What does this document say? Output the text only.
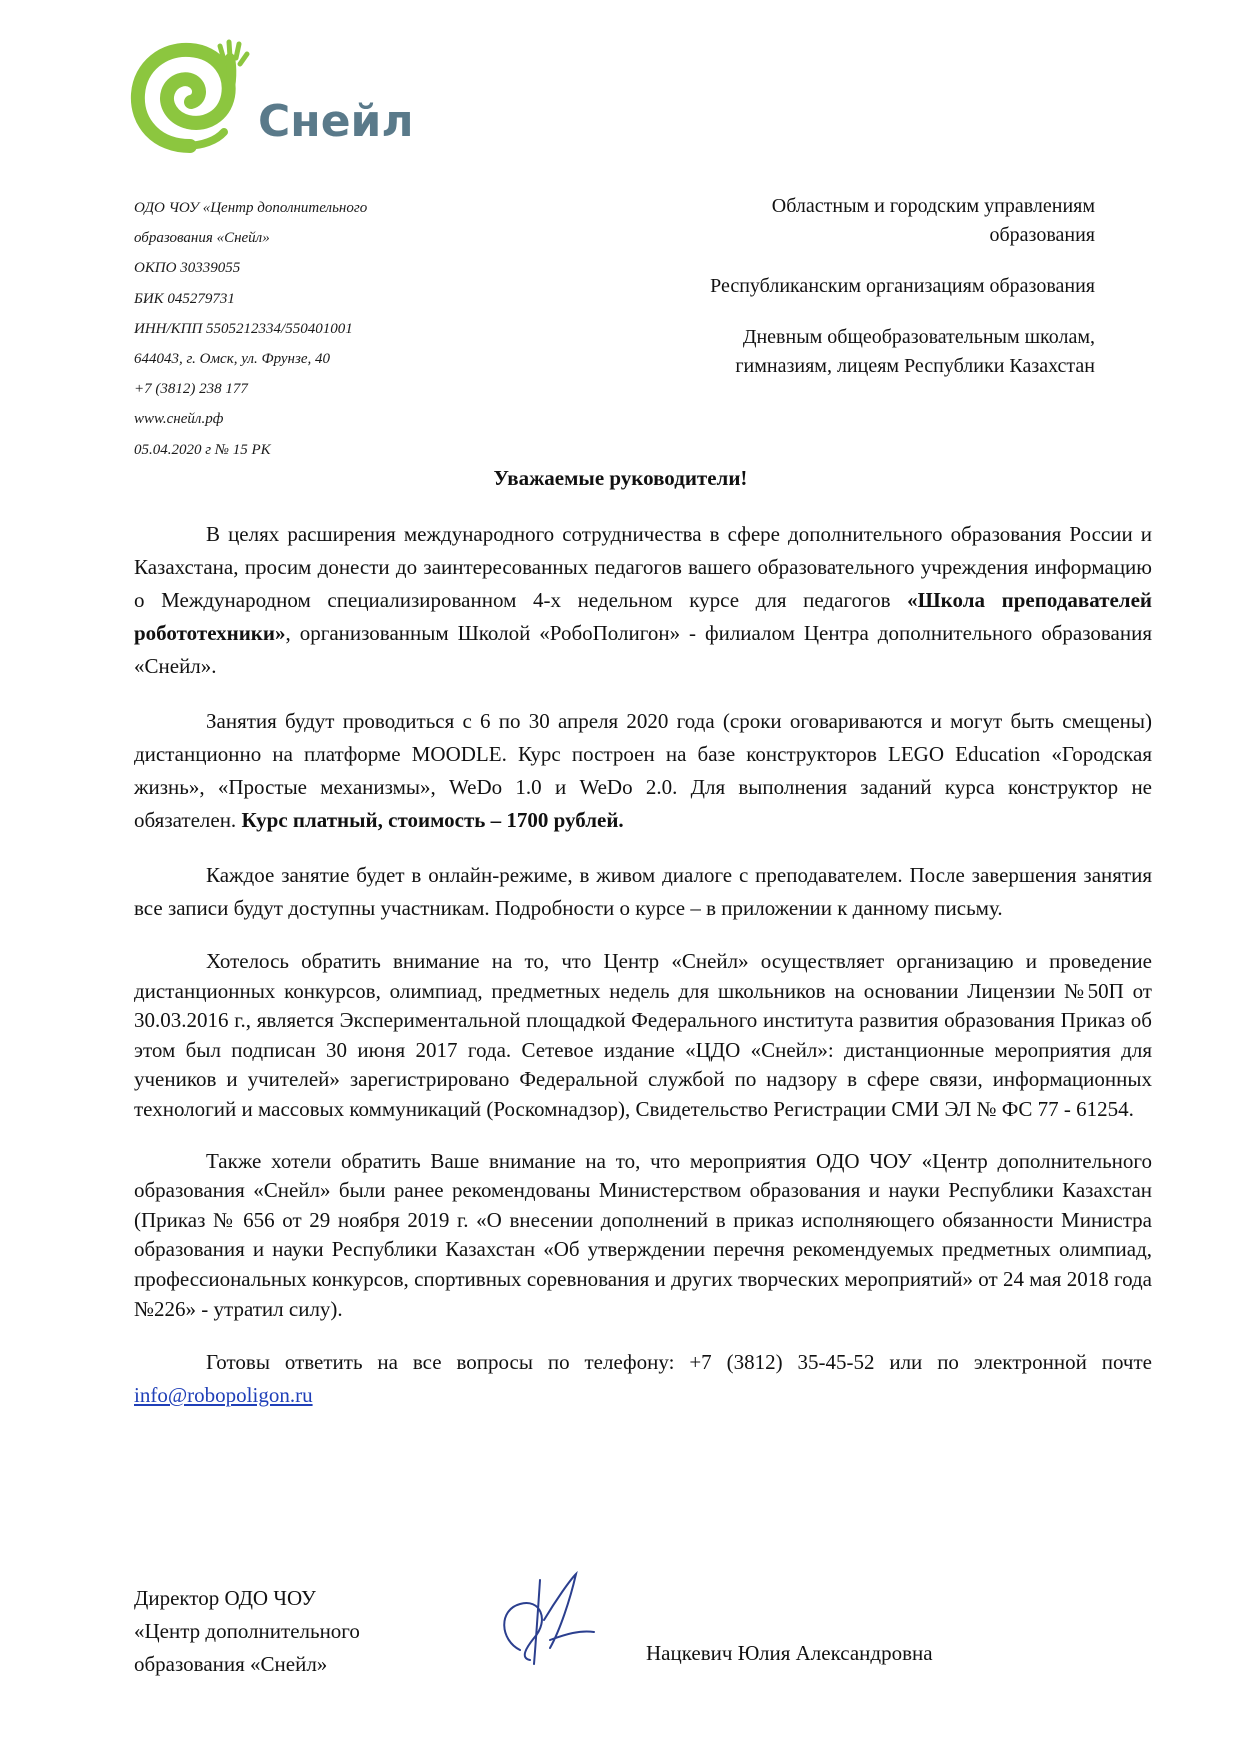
Снейл
ОДО ЧОУ «Центр дополнительного
образования «Снейл»
ОКПО 30339055
БИК 045279731
ИНН/КПП 5505212334/550401001
644043, г. Омск, ул. Фрунзе, 40
+7 (3812) 238 177
www.снейл.рф
05.04.2020 г № 15 РК
Областным и городским управлениям образования
Республиканским организациям образования
Дневным общеобразовательным школам, гимназиям, лицеям Республики Казахстан
Уважаемые руководители!

В целях расширения международного сотрудничества в сфере дополнительного образования России и Казахстана, просим донести до заинтересованных педагогов вашего образовательного учреждения информацию о Международном специализированном 4-х недельном курсе для педагогов «Школа преподавателей робототехники», организованным Школой «РобоПолигон» - филиалом Центра дополнительного образования «Снейл».

Занятия будут проводиться с 6 по 30 апреля 2020 года (сроки оговариваются и могут быть смещены) дистанционно на платформе MOODLE. Курс построен на базе конструкторов LEGO Education «Городская жизнь», «Простые механизмы», WeDo 1.0 и WeDo 2.0. Для выполнения заданий курса конструктор не обязателен. Курс платный, стоимость – 1700 рублей.

Каждое занятие будет в онлайн-режиме, в живом диалоге с преподавателем. После завершения занятия все записи будут доступны участникам. Подробности о курсе – в приложении к данному письму.

Хотелось обратить внимание на то, что Центр «Снейл» осуществляет организацию и проведение дистанционных конкурсов, олимпиад, предметных недель для школьников на основании Лицензии №50П от 30.03.2016 г., является Экспериментальной площадкой Федерального института развития образования Приказ об этом был подписан 30 июня 2017 года. Сетевое издание «ЦДО «Снейл»: дистанционные мероприятия для учеников и учителей» зарегистрировано Федеральной службой по надзору в сфере связи, информационных технологий и массовых коммуникаций (Роскомнадзор), Свидетельство Регистрации СМИ ЭЛ № ФС 77 - 61254.

Также хотели обратить Ваше внимание на то, что мероприятия ОДО ЧОУ «Центр дополнительного образования «Снейл» были ранее рекомендованы Министерством образования и науки Республики Казахстан (Приказ № 656 от 29 ноября 2019 г. «О внесении дополнений в приказ исполняющего обязанности Министра образования и науки Республики Казахстан «Об утверждении перечня рекомендуемых предметных олимпиад, профессиональных конкурсов, спортивных соревнования и других творческих мероприятий» от 24 мая 2018 года №226» - утратил силу).

Готовы ответить на все вопросы по телефону: +7 (3812) 35-45-52 или по электронной почте info@robopoligon.ru

Директор ОДО ЧОУ
«Центр дополнительного
образования «Снейл»	Нацкевич Юлия Александровна
